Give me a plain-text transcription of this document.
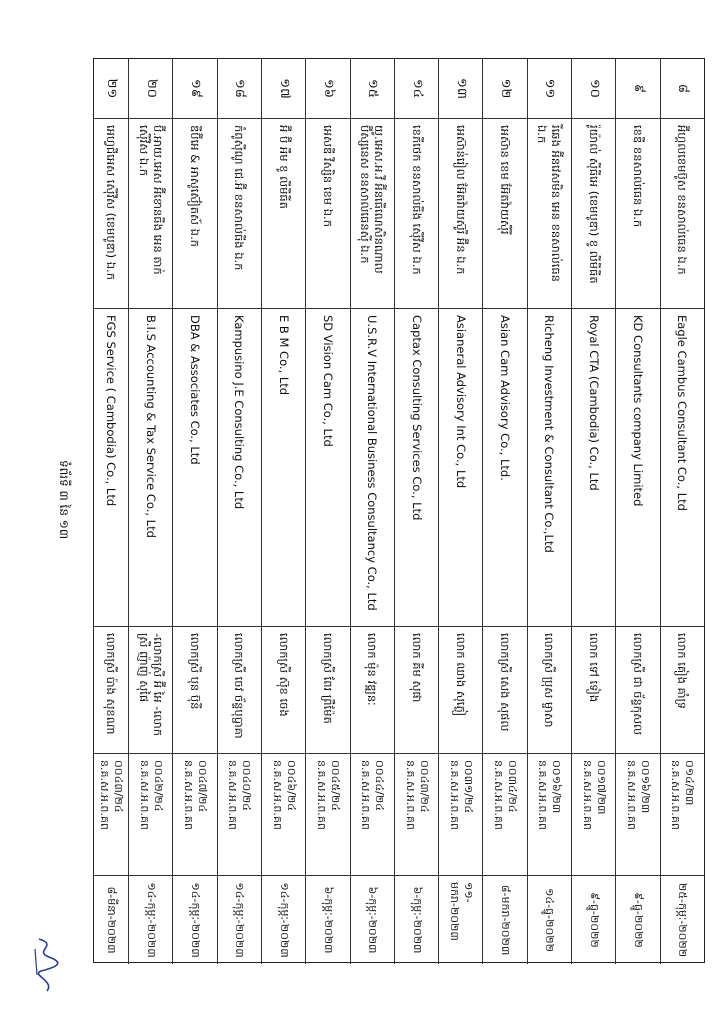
៨
អ៊ីហ្គលខេមប៊ូស ខនសាល់ធេន ឯ.ក
Eagle Cambus Consultant Co., Ltd
លោក គៀង គាំទ្រ
០១៤/២៣ ន.គ.ស.អ.ព.គព
២៥-កុម្ភៈ-២០២២
៩
ខេឌី ខនសាល់ធេន ឯ.ក
KD Consultants company Limited
លោកស្រី ជា ច័ន្ទកុសល
០០១៦/២៣ ន.គ.ស.អ.ព.គព
៩-ធ្នូ-២០២២
១០
រ៉ូយ៉ាល់ ស៊ីធីអេ (ខេមបូឌា) ខូ លីមីធីត
Royal CTA (Cambodia) Co., Ltd
លោក ទៅ ទៀង
០០១៧/២៣ ន.គ.ស.អ.ព.គព
៩-ធ្នូ-២០២២
១១
រីឆេង អ៊ីនវេសមិន អេន ខនសាល់ធេន ឯ.ក
Richeng Investment & Consultant Co.,Ltd
លោកស្រី ប្រុស ម្ចាសា
០០១៦/២៣ ន.គ.ស.អ.ព.គព
១៤-ធ្នូ-២០២២
១២
អេស៊ាន ខេម អ៊ែតវ៉ាយស៊ឺរី
Asian Cam Advisory Co., Ltd.
លោកស្រី សេង សុផល
០០៣៤/២៤ ន.គ.ស.អ.ព.គព
៨-មករា-២០២៣
១៣
អេស៊ាន់រៀល អ៊ែតវ៉ាយស៊ូរី អ៊ីន ឯ.ក
Asianeral Advisory Int Co., Ltd
លោក ឈាង សុភ្លៀ
០០៣១/២៤ ន.គ.ស.អ.ព.គព
១១-មករា-២០២៣
១៤
ខេភីថេក ខនសាល់ធីង ស៊ើវីស ឯ.ក
Captax Consulting Services Co., Ltd
លោក គីម សុផា
០០៤៣/២៤ ន.គ.ស.អ.ព.គព
៦-កុម្ភៈ-២០២៣
១៥
យូ.អេស.អ.វី អ៊ីនធើណេសិនណាល ប៊ីស្សនេស ខនសាល់ធេនស៊ី ឯ.ក
U.S.R.V International Business Consultancy Co., Ltd
លោក ម៉ុន វឌ្ឍនៈ
០០៤៤/២៤ ន.គ.ស.អ.ព.គព
៦-កុម្ភៈ-២០២៣
១៦
អេសឌី វីស្សិន ខេម ឯ.ក
SD Vision Cam Co., Ltd
លោកស្រី ពែរ ព្រឹម៉ែត
០០៤៥/២៤ ន.គ.ស.អ.ព.គព
៦-កុម្ភៈ-២០២៣
១៧
អ៊ី ប៊ី អឹម ខូ លីមីធីត
E B M Co., Ltd
លោកស្រី ស៊ុខ ចេង
០០៤៦/២៤ ន.គ.ស.អ.ព.គព
១៤-កុម្ភៈ-២០២៣
១៨
កំពូស៊ីណូ ជេ.អ៊ី ខនសាល់ធីង ឯ.ក
Kampusino J.E Consulting Co., Ltd
លោកស្រី ចេវ ច័ន្ទបុប្ផាគា
០០៤០/២៤ ន.គ.ស.អ.ព.គព
១៤-កុម្ភៈ-២០២៣
១៩
ឌីប៊ីអេ & អាសូស៊ៀតស៍ ឯ.ក
DBA & Associates Co., Ltd
លោកស្រី បុន ប៊ុនី
០០៤៧/២៤ ន.គ.ស.អ.ព.គព
១៤-កុម្ភៈ-២០២៣
២០
ប៊ី.អាយ.អេស អ៊ីខោនធីង អេន តាក់ ស៊ើវីស ឯ.ក
B.I.S Accounting & Tax Service Co., Ltd
-លោកស្រី អ៊ី អៃ -លោកស្រី ញ៉ាញ់ សុផៃ
០០៤២/២៤ ន.គ.ស.អ.ព.គព
១៤-កុម្ភៈ-២០២៣
២១
អេហ្វជីអេស ស៊ើវីស (ខេមបូឌា) ឯ.ក
FGS Service ( Cambodia) Co., Ltd
លោកស្រី ប៉ាង សុខណា
០០៤៣/២៤ ន.គ.ស.អ.ព.គព
៨-មីនា-២០២៣
ទំព័រទី ៣ នៃ ១៣
